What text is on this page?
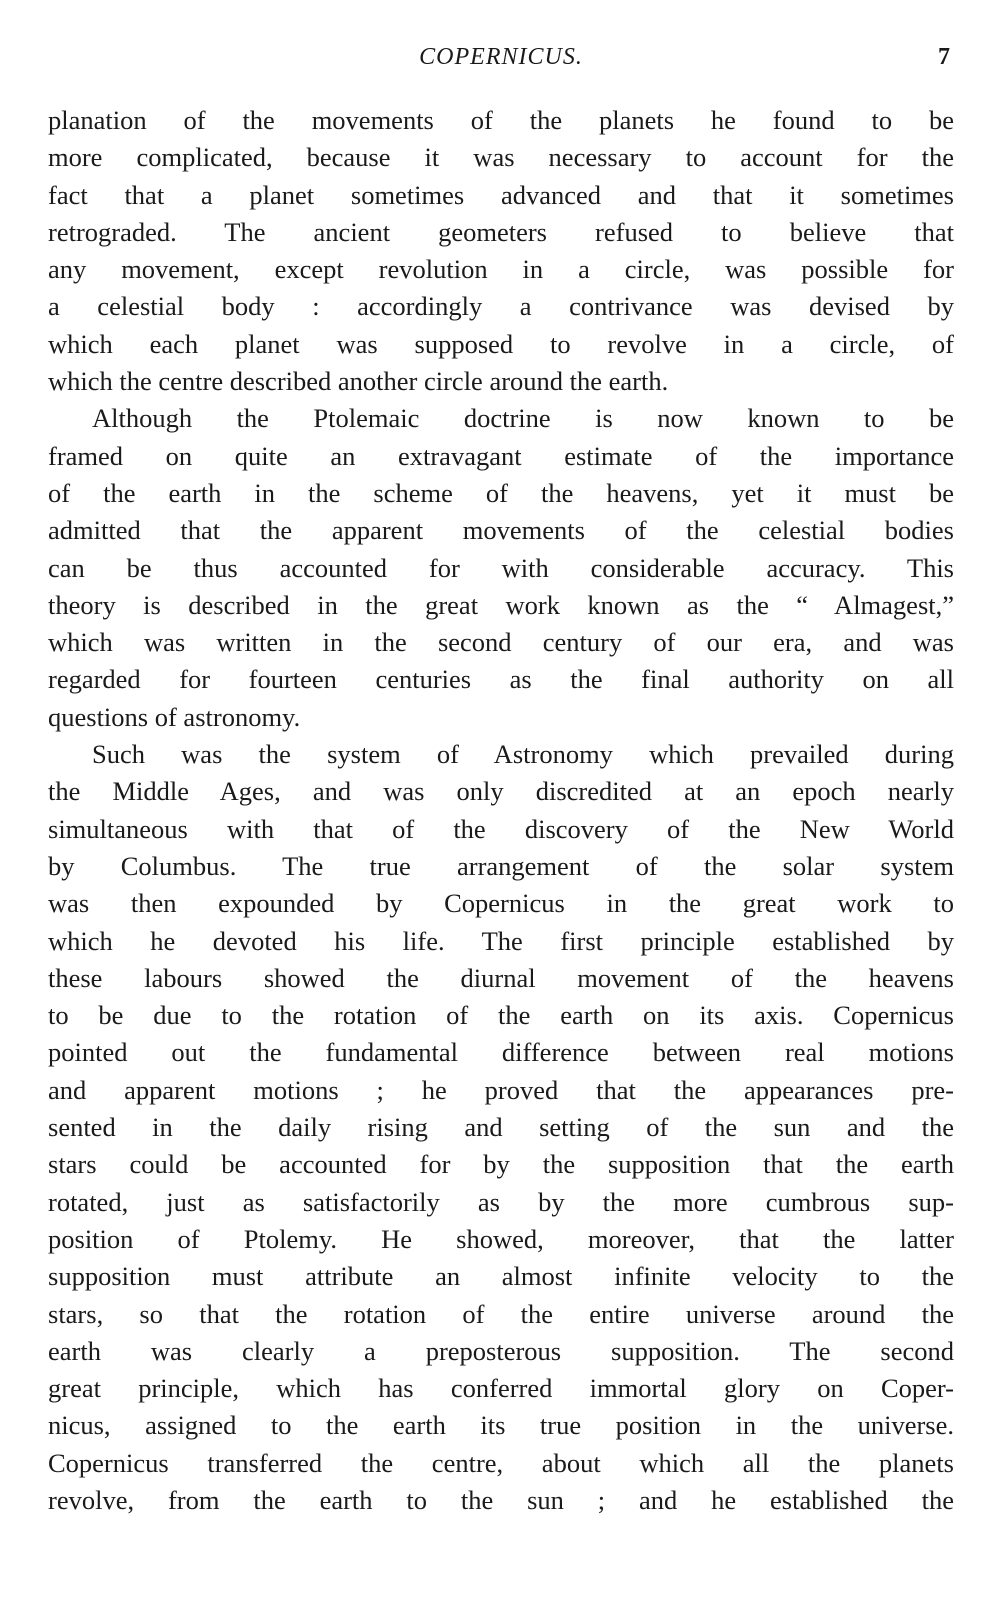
COPERNICUS.	7
planation of the movements of the planets he found to be
more complicated, because it was necessary to account for the
fact that a planet sometimes advanced and that it sometimes
retrograded. The ancient geometers refused to believe that
any movement, except revolution in a circle, was possible for
a celestial body : accordingly a contrivance was devised by
which each planet was supposed to revolve in a circle, of
which the centre described another circle around the earth.
Although the Ptolemaic doctrine is now known to be
framed on quite an extravagant estimate of the importance
of the earth in the scheme of the heavens, yet it must be
admitted that the apparent movements of the celestial bodies
can be thus accounted for with considerable accuracy. This
theory is described in the great work known as the “ Almagest,”
which was written in the second century of our era, and was
regarded for fourteen centuries as the final authority on all
questions of astronomy.
Such was the system of Astronomy which prevailed during
the Middle Ages, and was only discredited at an epoch nearly
simultaneous with that of the discovery of the New World
by Columbus. The true arrangement of the solar system
was then expounded by Copernicus in the great work to
which he devoted his life. The first principle established by
these labours showed the diurnal movement of the heavens
to be due to the rotation of the earth on its axis. Copernicus
pointed out the fundamental difference between real motions
and apparent motions ; he proved that the appearances pre-
sented in the daily rising and setting of the sun and the
stars could be accounted for by the supposition that the earth
rotated, just as satisfactorily as by the more cumbrous sup-
position of Ptolemy. He showed, moreover, that the latter
supposition must attribute an almost infinite velocity to the
stars, so that the rotation of the entire universe around the
earth was clearly a preposterous supposition. The second
great principle, which has conferred immortal glory on Coper-
nicus, assigned to the earth its true position in the universe.
Copernicus transferred the centre, about which all the planets
revolve, from the earth to the sun ; and he established the
